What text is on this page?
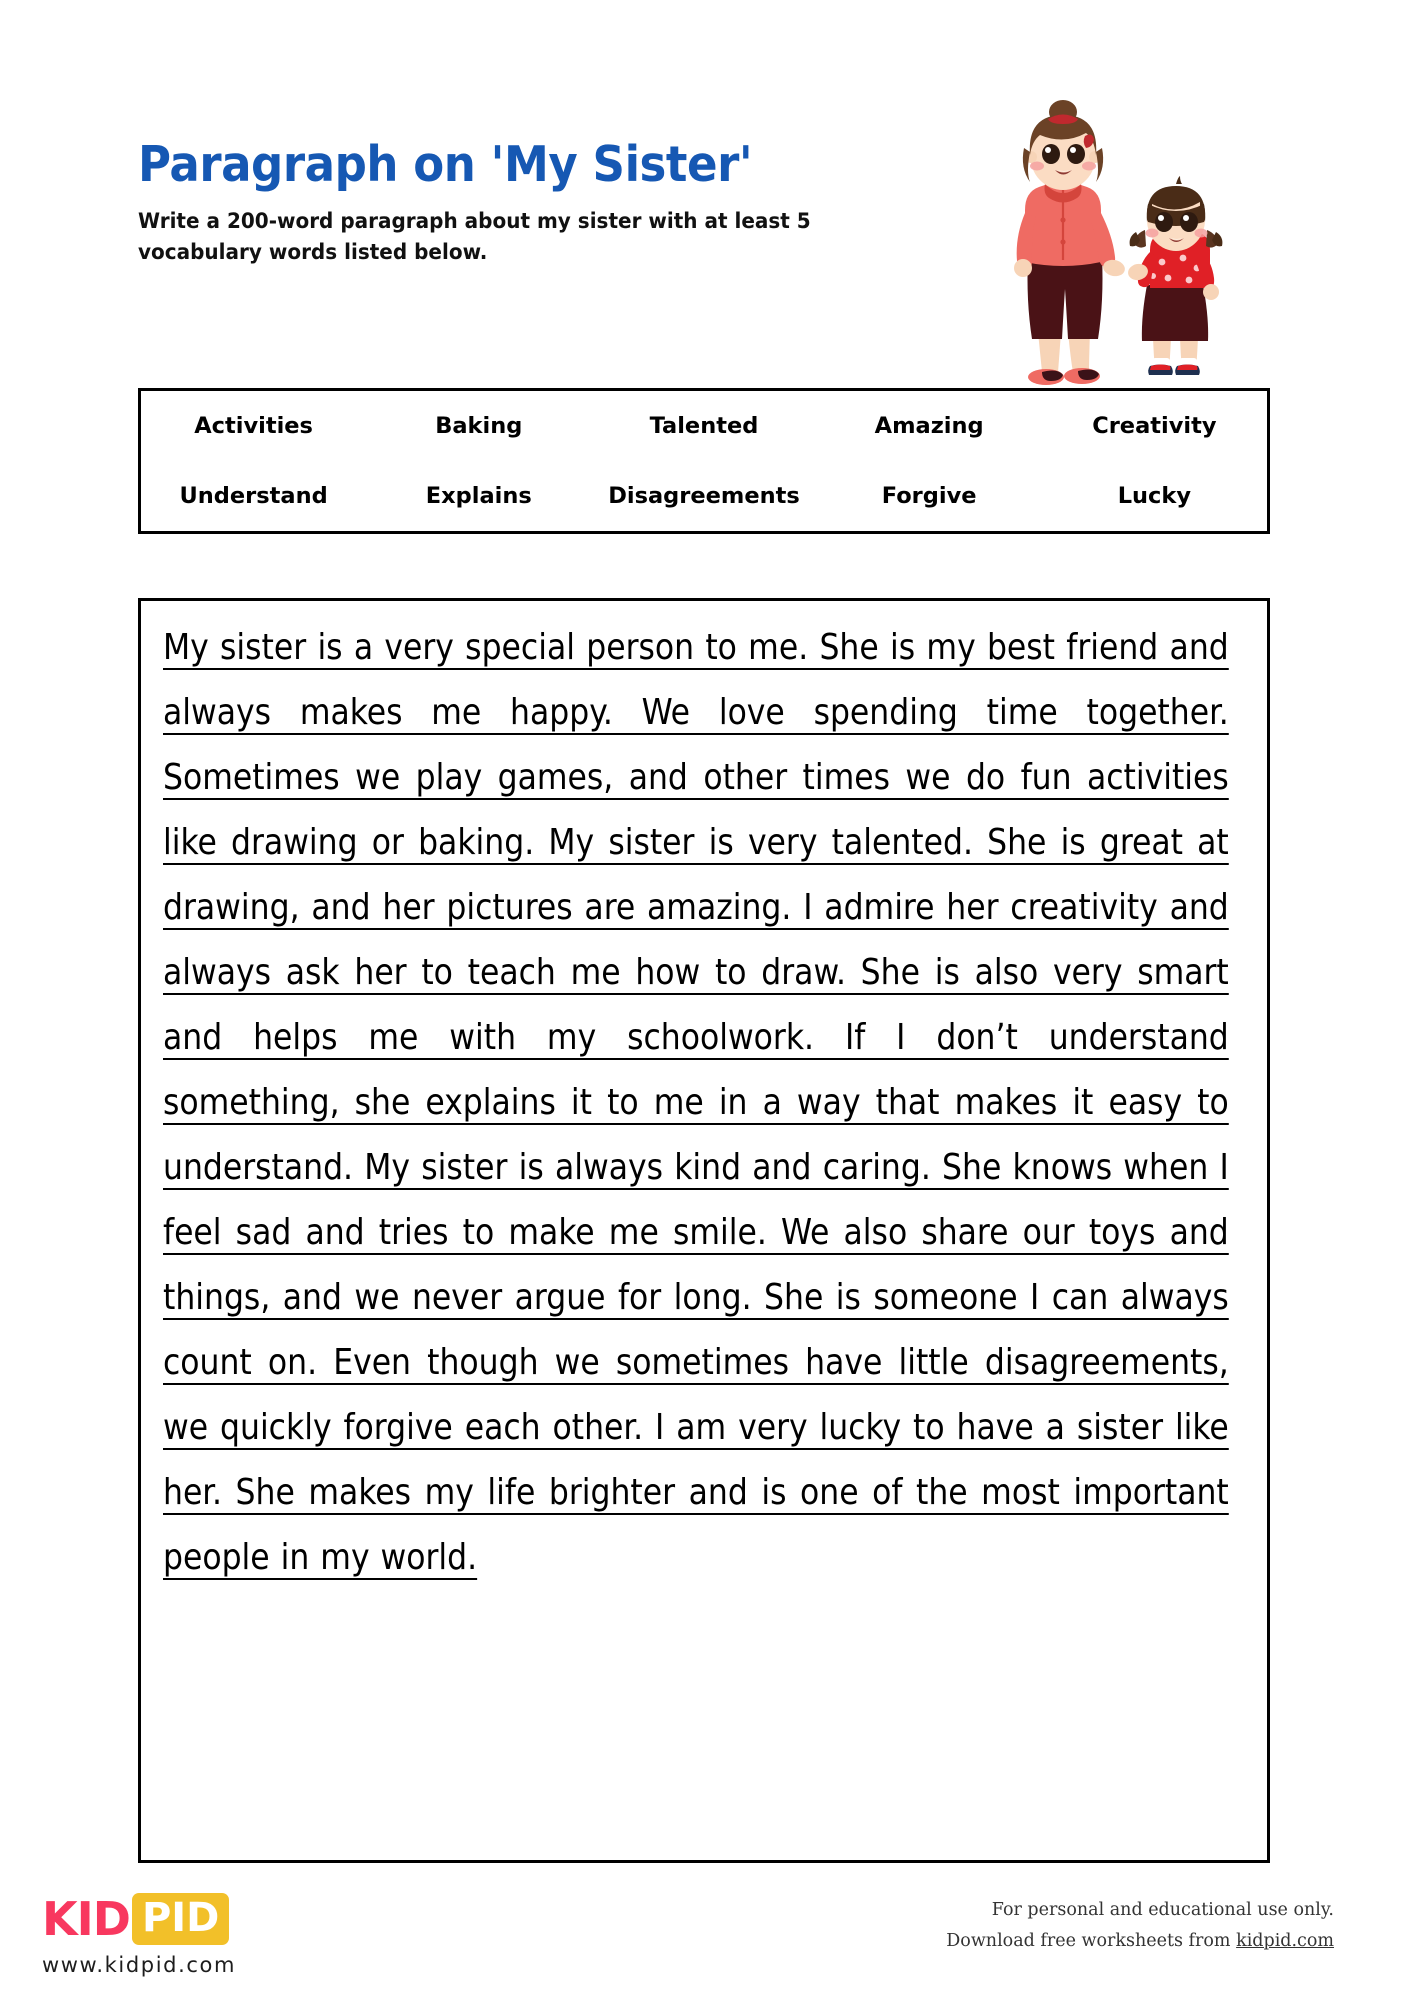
Paragraph on 'My Sister'
Write a 200-word paragraph about my sister with at least 5 vocabulary words listed below.
Activities	Baking	Talented	Amazing	Creativity
Understand	Explains	Disagreements	Forgive	Lucky
My sister is a very special person to me. She is my best friend and always makes me happy. We love spending time together. Sometimes we play games, and other times we do fun activities like drawing or baking. My sister is very talented. She is great at drawing, and her pictures are amazing. I admire her creativity and always ask her to teach me how to draw. She is also very smart and helps me with my schoolwork. If I don’t understand something, she explains it to me in a way that makes it easy to understand. My sister is always kind and caring. She knows when I feel sad and tries to make me smile. We also share our toys and things, and we never argue for long. She is someone I can always count on. Even though we sometimes have little disagreements, we quickly forgive each other. I am very lucky to have a sister like her. She makes my life brighter and is one of the most important people in my world.
KID PID
www.kidpid.com
For personal and educational use only.
Download free worksheets from kidpid.com
